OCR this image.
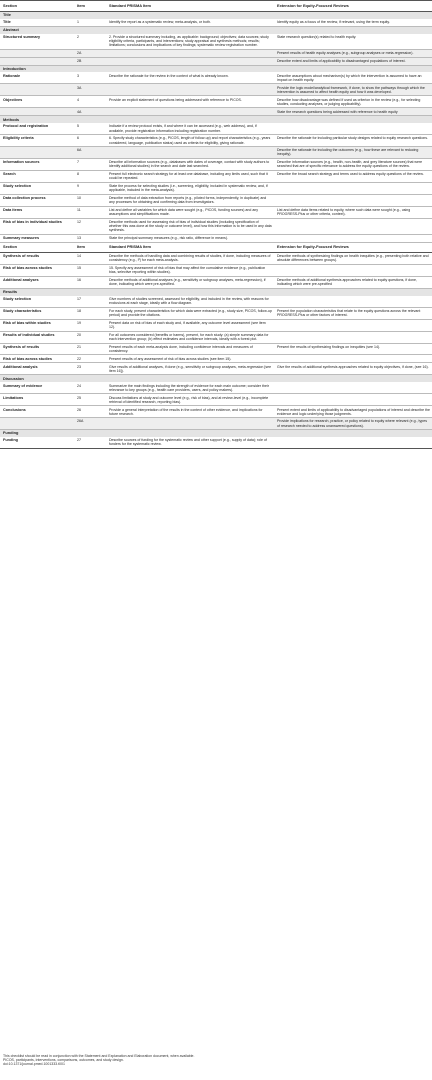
Section	Item	Standard PRISMA Item	Extension for Equity-Focused Reviews
Title			
Title	1	Identify the report as a systematic review, meta-analysis, or both.	Identify equity as a focus of the review, if relevant, using the term equity.
Abstract			
Structured summary	2	2. Provide a structured summary including, as applicable: background; objectives; data sources; study eligibility criteria, participants, and interventions; study appraisal and synthesis methods; results; limitations; conclusions and implications of key findings; systematic review registration number.	State research question(s) related to health equity.
	2A		Present results of health equity analyses (e.g., subgroup analyses or meta-regression).
	2B		Describe extent and limits of applicability to disadvantaged populations of interest.
Introduction			
Rationale	3	Describe the rationale for the review in the context of what is already known.	Describe assumptions about mechanism(s) by which the intervention is assumed to have an impact on health equity.
	3A		Provide the logic model/analytical framework, if done, to show the pathways through which the intervention is assumed to affect health equity and how it was developed.
Objectives	4	Provide an explicit statement of questions being addressed with reference to PICOS.	Describe how disadvantage was defined if used as criterion in the review (e.g., for selecting studies, conducting analyses, or judging applicability).
	4A		State the research questions being addressed with reference to health equity
Methods			
Protocol and registration	5	Indicate if a review protocol exists, if and where it can be accessed (e.g., web address), and, if available, provide registration information including registration number.	
Eligibility criteria	6	6. Specify study characteristics (e.g., PICOS, length of follow-up) and report characteristics (e.g., years considered, language, publication status) used as criteria for eligibility, giving rationale.	Describe the rationale for including particular study designs related to equity research questions.
	6A		Describe the rationale for including the outcomes (e.g., how these are relevant to reducing inequity).
Information sources	7	Describe all information sources (e.g., databases with dates of coverage, contact with study authors to identify additional studies) in the search and date last searched.	Describe information sources (e.g., health, non-health, and grey literature sources) that were searched that are of specific relevance to address the equity questions of the review.
Search	8	Present full electronic search strategy for at least one database, including any limits used, such that it could be repeated.	Describe the broad search strategy and terms used to address equity questions of the review.
Study selection	9	State the process for selecting studies (i.e., screening, eligibility, included in systematic review, and, if applicable, included in the meta-analysis).	
Data collection process	10	Describe method of data extraction from reports (e.g., piloted forms, independently, in duplicate) and any processes for obtaining and confirming data from investigators.	
Data items	11	List and define all variables for which data were sought (e.g., PICOS, funding sources) and any assumptions and simplifications made.	List and define data items related to equity, where such data were sought (e.g., using PROGRESS-Plus or other criteria, context).
Risk of bias in individual studies	12	Describe methods used for assessing risk of bias of individual studies (including specification of whether this was done at the study or outcome level), and how this information is to be used in any data synthesis.	
Summary measures	13	State the principal summary measures (e.g., risk ratio, difference in means).	
Section	Item	Standard PRISMA Item	Extension for Equity-Focused Reviews
Synthesis of results	14	Describe the methods of handling data and combining results of studies, if done, including measures of consistency (e.g., I²) for each meta-analysis.	Describe methods of synthesizing findings on health inequities (e.g., presenting both relative and absolute differences between groups).
Risk of bias across studies	15	15. Specify any assessment of risk of bias that may affect the cumulative evidence (e.g., publication bias, selective reporting within studies).	
Additional analyses	16	Describe methods of additional analyses (e.g., sensitivity or subgroup analyses, meta-regression), if done, indicating which were pre-specified.	Describe methods of additional synthesis approaches related to equity questions, if done, indicating which were pre-specified
Results			
Study selection	17	Give numbers of studies screened, assessed for eligibility, and included in the review, with reasons for exclusions at each stage, ideally with a flow diagram.	
Study characteristics	18	For each study, present characteristics for which data were extracted (e.g., study size, PICOS, follow-up period) and provide the citations.	Present the population characteristics that relate to the equity questions across the relevant PROGRESS-Plus or other factors of interest.
Risk of bias within studies	19	Present data on risk of bias of each study and, if available, any outcome level assessment (see item 12).	
Results of individual studies	20	For all outcomes considered (benefits or harms), present, for each study: (a) simple summary data for each intervention group; (b) effect estimates and confidence intervals, ideally with a forest plot.	
Synthesis of results	21	Present results of each meta-analysis done, including confidence intervals and measures of consistency.	Present the results of synthesizing findings on inequities (see 14).
Risk of bias across studies	22	Present results of any assessment of risk of bias across studies (see item 15).	
Additional analysis	23	Give results of additional analyses, if done (e.g., sensitivity or subgroup analyses, meta-regression [see item 16]).	Give the results of additional synthesis approaches related to equity objectives, if done, (see 16).
Discussion			
Summary of evidence	24	Summarize the main findings including the strength of evidence for each main outcome; consider their relevance to key groups (e.g., health care providers, users, and policy makers).	
Limitations	25	Discuss limitations at study and outcome level (e.g., risk of bias), and at review-level (e.g., incomplete retrieval of identified research, reporting bias).	
Conclusions	26	Provide a general interpretation of the results in the context of other evidence, and implications for future research.	Present extent and limits of applicability to disadvantaged populations of interest and describe the evidence and logic underlying those judgments.
	26A		Provide implications for research, practice, or policy related to equity where relevant (e.g., types of research needed to address unanswered questions).
Funding			
Funding	27	Describe sources of funding for the systematic review and other support (e.g., supply of data); role of funders for the systematic review.	
This checklist should be read in conjunction with the Statement and Explanation and Elaboration document, when available.
PICOS, participants, interventions, comparisons, outcomes, and study design.
doi:10.1371/journal.pmed.1001333.t001
